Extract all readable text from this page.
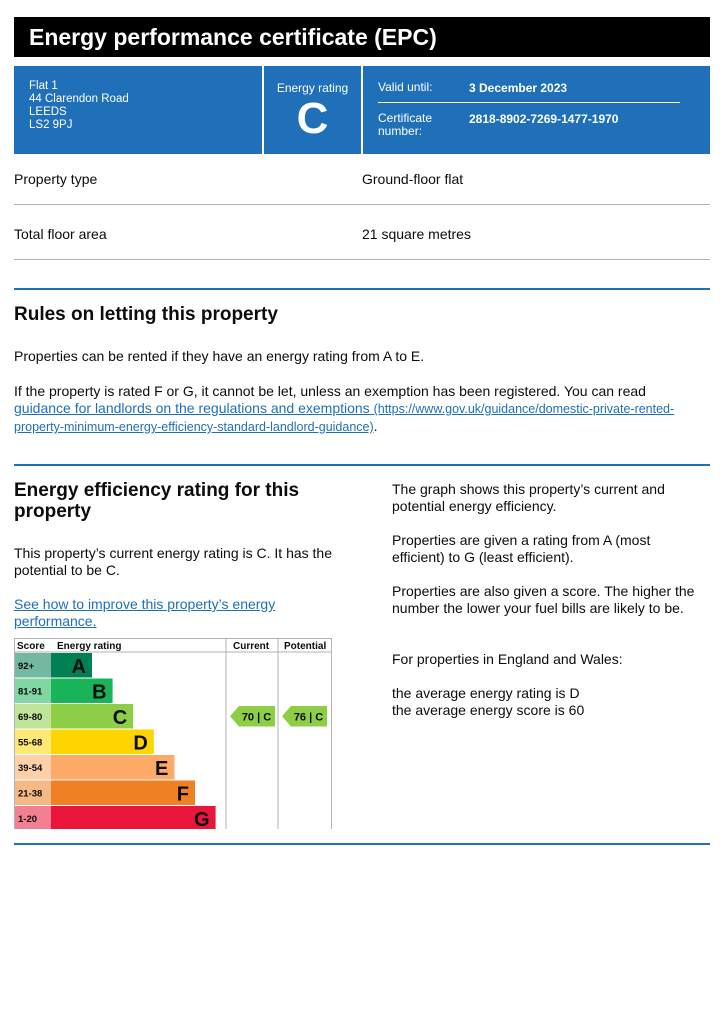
Energy performance certificate (EPC)
Flat 1
44 Clarendon Road
LEEDS
LS2 9PJ
Energy rating
C
Valid until:	3 December 2023
Certificate
number:
2818-8902-7269-1477-1970
Property type	Ground-floor flat
Total floor area	21 square metres
Rules on letting this property
Properties can be rented if they have an energy rating from A to E.
If the property is rated F or G, it cannot be let, unless an exemption has been registered. You can read guidance for landlords on the regulations and exemptions (https://www.gov.uk/guidance/domestic-private-rented-property-minimum-energy-efficiency-standard-landlord-guidance).
Energy efficiency rating for this property
This property’s current energy rating is C. It has the potential to be C.
See how to improve this property’s energy performance.
The graph shows this property’s current and potential energy efficiency.
Properties are given a rating from A (most efficient) to G (least efficient).
Properties are also given a score. The higher the number the lower your fuel bills are likely to be.
For properties in England and Wales:
the average energy rating is D
the average energy score is 60
Score Energy rating	Current Potential
92+ A
81-91 B
69-80	C
55-68	D
39-54	E
21-38	F
1-20	G
70 | C 76 | C
